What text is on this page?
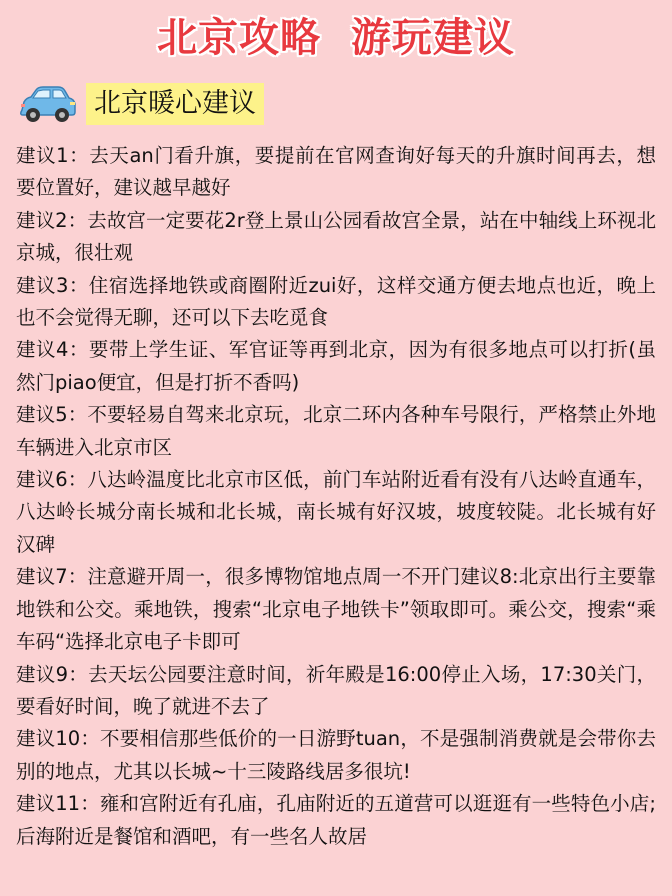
北京攻略  游玩建议
北京暖心建议
建议1：去天an门看升旗，要提前在官网查询好每天的升旗时间再去，想要位置好，建议越早越好
建议2：去故宫一定要花2r登上景山公园看故宫全景，站在中轴线上环视北京城，很壮观
建议3：住宿选择地铁或商圈附近zui好，这样交通方便去地点也近，晚上也不会觉得无聊，还可以下去吃觅食
建议4：要带上学生证、军官证等再到北京，因为有很多地点可以打折(虽然门piao便宜，但是打折不香吗)
建议5：不要轻易自驾来北京玩，北京二环内各种车号限行，严格禁止外地车辆进入北京市区
建议6：八达岭温度比北京市区低，前门车站附近看有没有八达岭直通车，八达岭长城分南长城和北长城，南长城有好汉坡，坡度较陡。北长城有好汉碑
建议7：注意避开周一，很多博物馆地点周一不开门建议8:北京出行主要靠地铁和公交。乘地铁，搜索“北京电子地铁卡”领取即可。乘公交，搜索“乘车码“选择北京电子卡即可
建议9：去天坛公园要注意时间，祈年殿是16:00停止入场，17:30关门，要看好时间，晚了就进不去了
建议10：不要相信那些低价的一日游野tuan，不是强制消费就是会带你去别的地点，尤其以长城~十三陵路线居多很坑!
建议11：雍和宫附近有孔庙，孔庙附近的五道营可以逛逛有一些特色小店;后海附近是餐馆和酒吧，有一些名人故居
